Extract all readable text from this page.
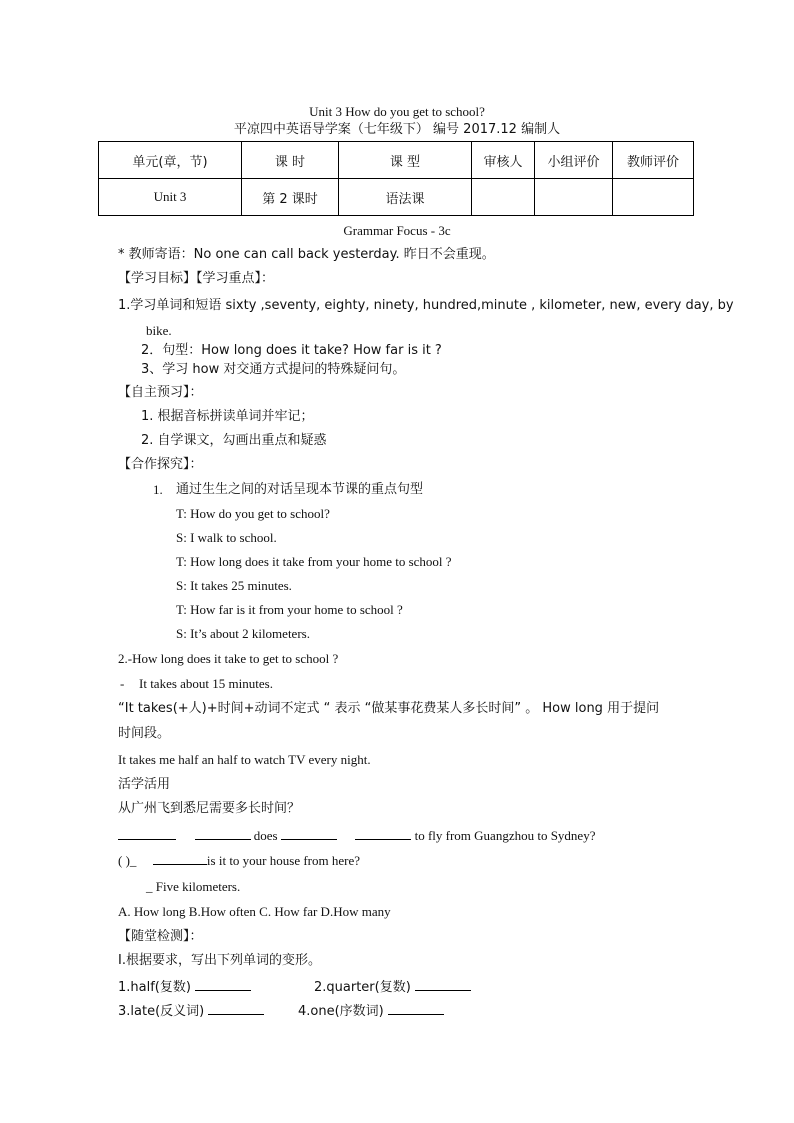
Unit 3 How do you get to school?
平凉四中英语导学案（七年级下） 编号 2017.12 编制人
单元(章，节)	课 时	课 型	审核人	小组评价	教师评价
Unit 3	第 2 课时	语法课			
Grammar Focus - 3c
* 教师寄语：No one can call back yesterday. 昨日不会重现。
【学习目标】【学习重点】：
1.学习单词和短语 sixty ,seventy, eighty, ninety, hundred,minute , kilometer, new, every day, by
bike.
2．句型：How long does it take? How far is it ?
3、学习 how 对交通方式提问的特殊疑问句。
【自主预习】：
1. 根据音标拼读单词并牢记；
2. 自学课文，勾画出重点和疑惑
【合作探究】：
1. 通过生生之间的对话呈现本节课的重点句型
T: How do you get to school?
S: I walk to school.
T: How long does it take from your home to school ?
S: It takes 25 minutes.
T: How far is it from your home to school ?
S: It’s about 2 kilometers.
2.-How long does it take to get to school ?
- It takes about 15 minutes.
“It takes(+人)+时间+动词不定式 “ 表示 “做某事花费某人多长时间” 。 How long 用于提问
时间段。
It takes me half an half to watch TV every night.
活学活用
从广州飞到悉尼需要多长时间？
does	to fly from Guangzhou to Sydney?
( )_	is it to your house from here?
_ Five kilometers.
A. How long B.How often C. How far D.How many
【随堂检测】：
I.根据要求，写出下列单词的变形。
1.half(复数)	2.quarter(复数)
3.late(反义词)	4.one(序数词)
